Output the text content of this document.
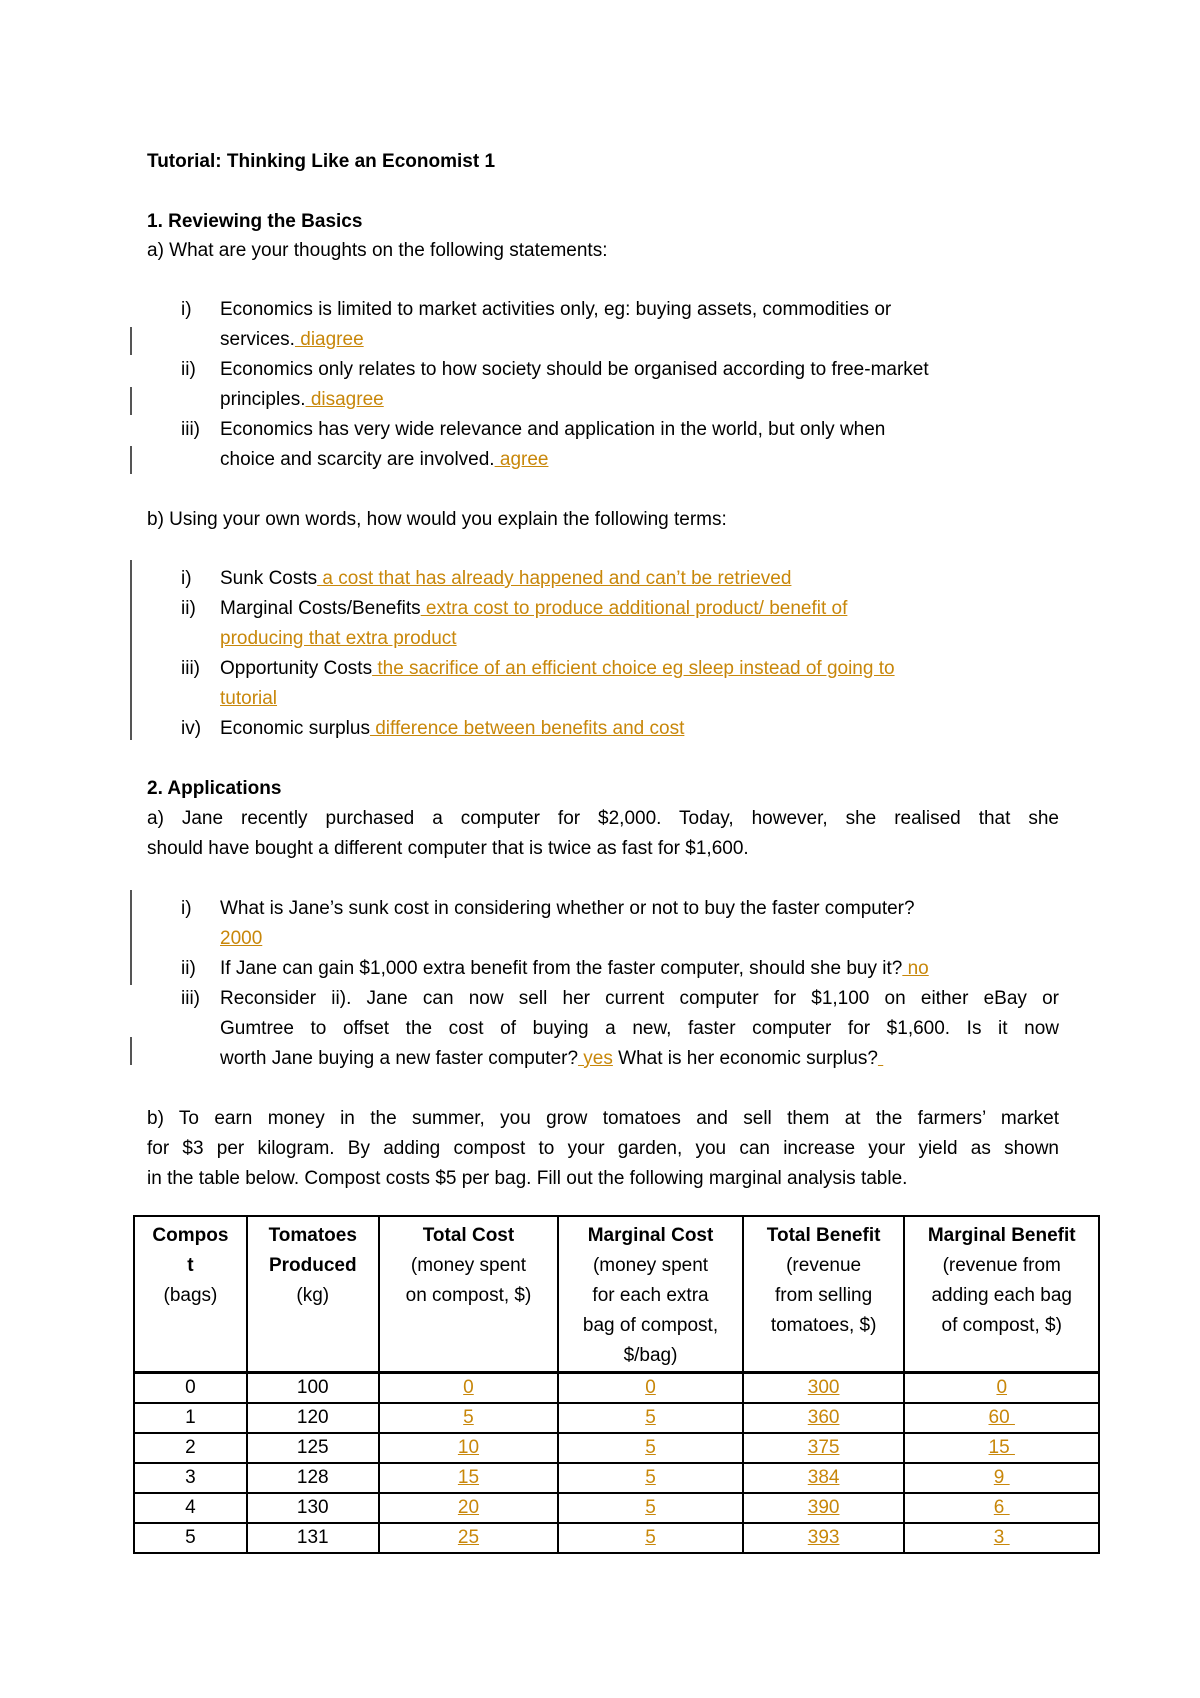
Tutorial: Thinking Like an Economist 1
1. Reviewing the Basics
a) What are your thoughts on the following statements:
i) Economics is limited to market activities only, eg: buying assets, commodities or
services. diagree
ii) Economics only relates to how society should be organised according to free-market
principles. disagree
iii) Economics has very wide relevance and application in the world, but only when
choice and scarcity are involved. agree
b) Using your own words, how would you explain the following terms:
i) Sunk Costs a cost that has already happened and can’t be retrieved
ii) Marginal Costs/Benefits extra cost to produce additional product/ benefit of
producing that extra product
iii) Opportunity Costs the sacrifice of an efficient choice eg sleep instead of going to
tutorial
iv) Economic surplus difference between benefits and cost
2. Applications
a) Jane recently purchased a computer for $2,000. Today, however, she realised that she
should have bought a different computer that is twice as fast for $1,600.
i) What is Jane’s sunk cost in considering whether or not to buy the faster computer?
2000
ii) If Jane can gain $1,000 extra benefit from the faster computer, should she buy it? no
iii) Reconsider ii). Jane can now sell her current computer for $1,100 on either eBay or
Gumtree to offset the cost of buying a new, faster computer for $1,600. Is it now
worth Jane buying a new faster computer? yes What is her economic surplus?
b) To earn money in the summer, you grow tomatoes and sell them at the farmers’ market
for $3 per kilogram. By adding compost to your garden, you can increase your yield as shown
in the table below. Compost costs $5 per bag. Fill out the following marginal analysis table.
Compos
t
(bags)	Tomatoes
Produced
(kg)	Total Cost
(money spent
on compost, $)	Marginal Cost
(money spent
for each extra
bag of compost,
$/bag)	Total Benefit
(revenue
from selling
tomatoes, $)	Marginal Benefit
(revenue from
adding each bag
of compost, $)
0	100	0	0	300	0
1	120	5	5	360	60
2	125	10	5	375	15
3	128	15	5	384	9
4	130	20	5	390	6
5	131	25	5	393	3
